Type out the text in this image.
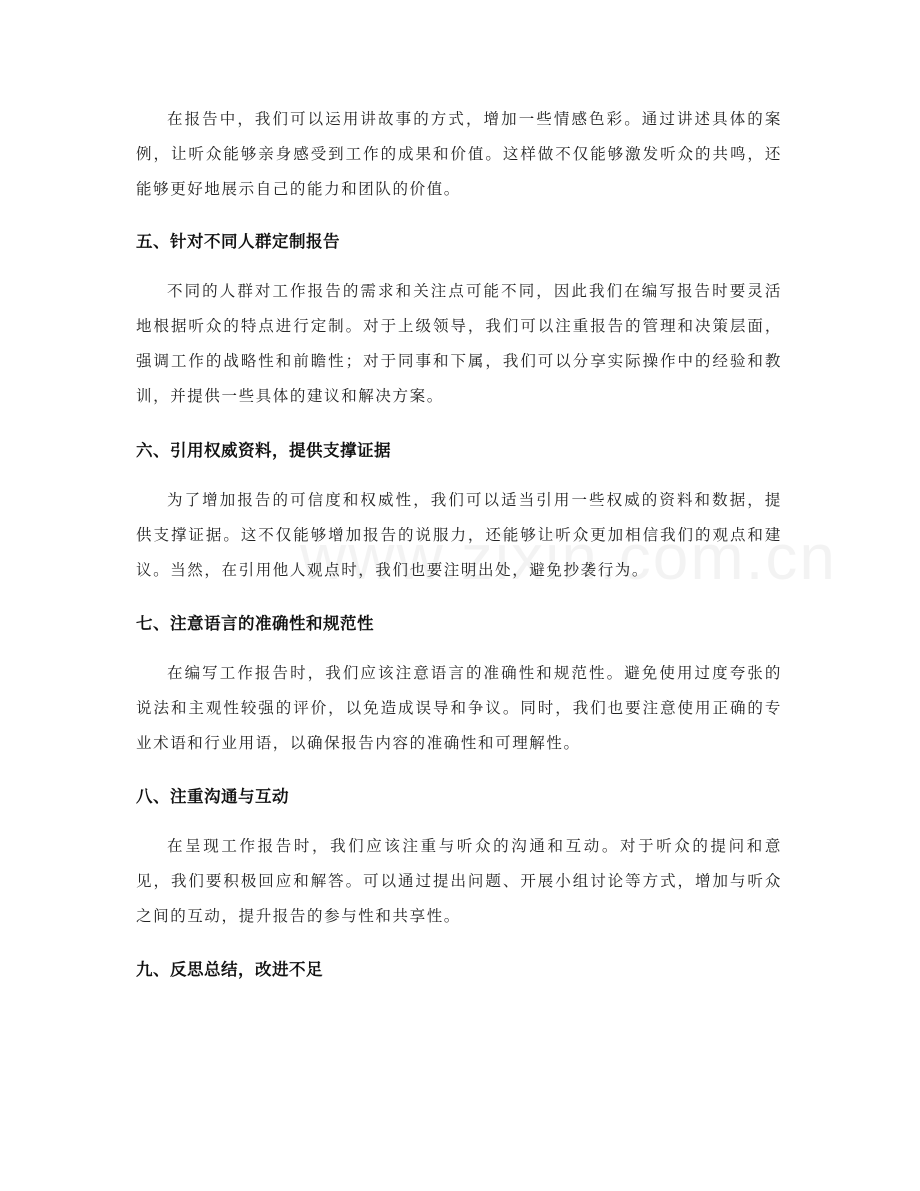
在报告中，我们可以运用讲故事的方式，增加一些情感色彩。通过讲述具体的案例，让听众能够亲身感受到工作的成果和价值。这样做不仅能够激发听众的共鸣，还能够更好地展示自己的能力和团队的价值。

五、针对不同人群定制报告

不同的人群对工作报告的需求和关注点可能不同，因此我们在编写报告时要灵活地根据听众的特点进行定制。对于上级领导，我们可以注重报告的管理和决策层面，强调工作的战略性和前瞻性；对于同事和下属，我们可以分享实际操作中的经验和教训，并提供一些具体的建议和解决方案。

六、引用权威资料，提供支撑证据

为了增加报告的可信度和权威性，我们可以适当引用一些权威的资料和数据，提供支撑证据。这不仅能够增加报告的说服力，还能够让听众更加相信我们的观点和建议。当然，在引用他人观点时，我们也要注明出处，避免抄袭行为。

七、注意语言的准确性和规范性

在编写工作报告时，我们应该注意语言的准确性和规范性。避免使用过度夸张的说法和主观性较强的评价，以免造成误导和争议。同时，我们也要注意使用正确的专业术语和行业用语，以确保报告内容的准确性和可理解性。

八、注重沟通与互动

在呈现工作报告时，我们应该注重与听众的沟通和互动。对于听众的提问和意见，我们要积极回应和解答。可以通过提出问题、开展小组讨论等方式，增加与听众之间的互动，提升报告的参与性和共享性。

九、反思总结，改进不足
